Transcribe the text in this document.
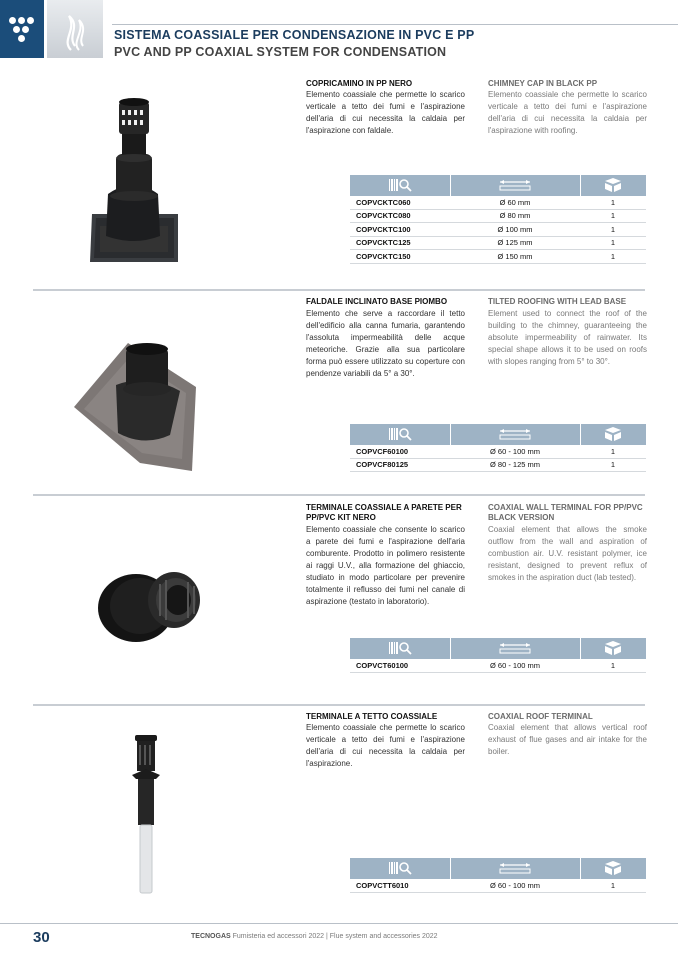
SISTEMA COASSIALE PER CONDENSAZIONE IN PVC E PP
PVC AND PP COAXIAL SYSTEM FOR CONDENSATION
COPRICAMINO IN PP NERO
Elemento coassiale che permette lo scarico verticale a tetto dei fumi e l'aspirazione dell'aria di cui necessita la caldaia per l'aspirazione con faldale.
CHIMNEY CAP IN BLACK PP
Elemento coassiale che permette lo scarico verticale a tetto dei fumi e l'aspirazione dell'aria di cui necessita la caldaia per l'aspirazione with roofing.

COPVCKTC060	Ø 60 mm	1
COPVCKTC080	Ø 80 mm	1
COPVCKTC100	Ø 100 mm	1
COPVCKTC125	Ø 125 mm	1
COPVCKTC150	Ø 150 mm	1
FALDALE INCLINATO BASE PIOMBO
Elemento che serve a raccordare il tetto dell'edificio alla canna fumaria, garantendo l'assoluta impermeabilità delle acque meteoriche. Grazie alla sua particolare forma può essere utilizzato su coperture con pendenze variabili da 5° a 30°.
TILTED ROOFING WITH LEAD BASE
Element used to connect the roof of the building to the chimney, guaranteeing the absolute impermeability of rainwater. Its special shape allows it to be used on roofs with slopes ranging from 5° to 30°.

COPVCF60100	Ø 60 - 100 mm	1
COPVCF80125	Ø 80 - 125 mm	1
TERMINALE COASSIALE A PARETE PER PP/PVC KIT NERO
Elemento coassiale che consente lo scarico a parete dei fumi e l'aspirazione dell'aria comburente. Prodotto in polimero resistente ai raggi U.V., alla formazione del ghiaccio, studiato in modo particolare per prevenire totalmente il reflusso dei fumi nel canale di aspirazione (testato in laboratorio).
COAXIAL WALL TERMINAL FOR PP/PVC BLACK VERSION
Coaxial element that allows the smoke outflow from the wall and aspiration of combustion air. U.V. resistant polymer, ice resistant, designed to prevent reflux of smokes in the aspiration duct (lab tested).

COPVCT60100	Ø 60 - 100 mm	1
TERMINALE A TETTO COASSIALE
Elemento coassiale che permette lo scarico verticale a tetto dei fumi e l'aspirazione dell'aria di cui necessita la caldaia per l'aspirazione.
COAXIAL ROOF TERMINAL
Coaxial element that allows vertical roof exhaust of flue gases and air intake for the boiler.

COPVCTT6010	Ø 60 - 100 mm	1
30	TECNOGAS Fumisteria ed accessori 2022 | Flue system and accessories 2022
